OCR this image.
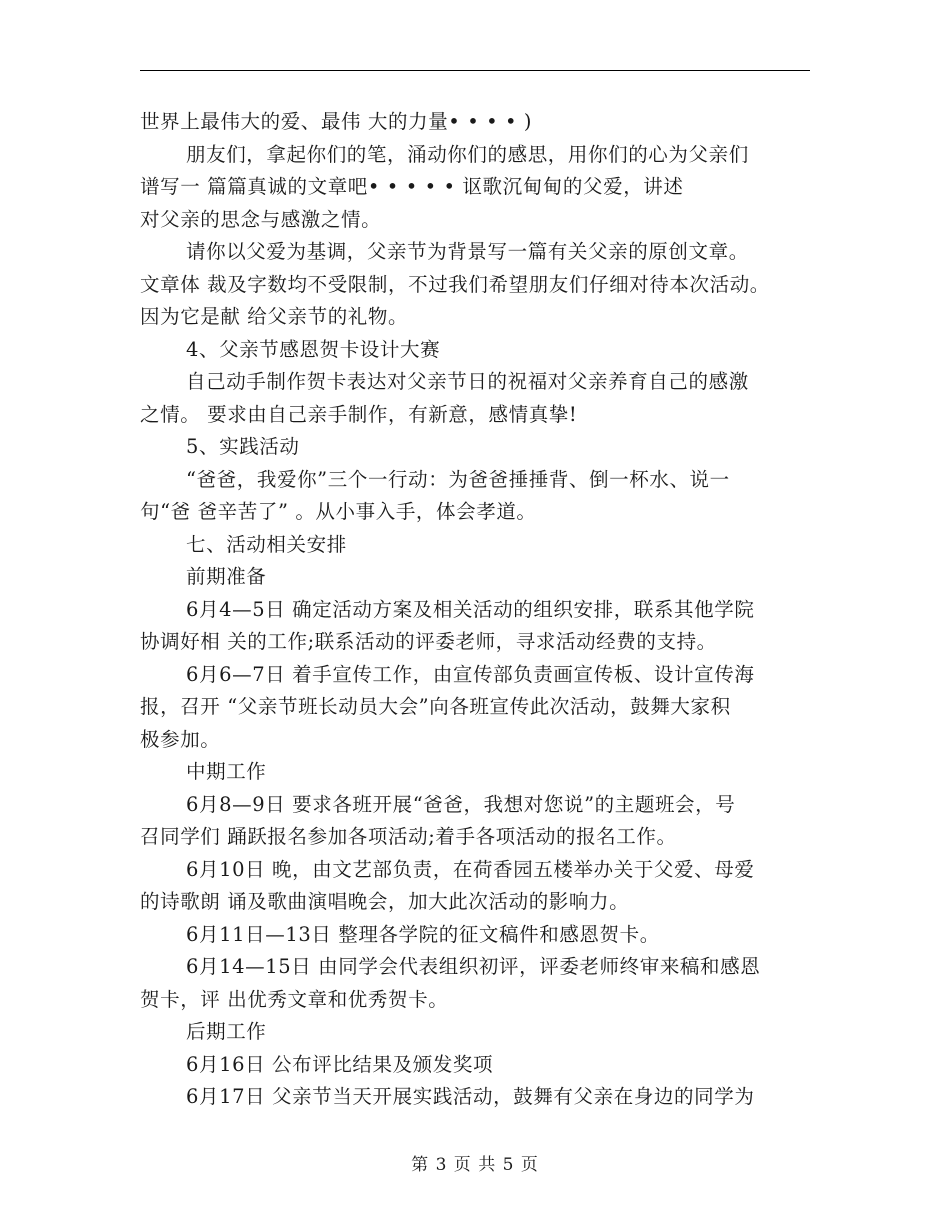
世界上最伟大的爱、最伟 大的力量• • • • )
朋友们，拿起你们的笔，涌动你们的感思，用你们的心为父亲们
谱写一 篇篇真诚的文章吧• • • • • 讴歌沉甸甸的父爱，讲述
对父亲的思念与感激之情。
请你以父爱为基调，父亲节为背景写一篇有关父亲的原创文章。
文章体 裁及字数均不受限制，不过我们希望朋友们仔细对待本次活动。
因为它是献 给父亲节的礼物。
4、父亲节感恩贺卡设计大赛
自己动手制作贺卡表达对父亲节日的祝福对父亲养育自己的感激
之情。 要求由自己亲手制作，有新意，感情真挚!
5、实践活动
“爸爸，我爱你”三个一行动：为爸爸捶捶背、倒一杯水、说一
句“爸 爸辛苦了” 。从小事入手，体会孝道。
七、活动相关安排
前期准备
6月4—5日 确定活动方案及相关活动的组织安排，联系其他学院
协调好相 关的工作;联系活动的评委老师，寻求活动经费的支持。
6月6—7日 着手宣传工作，由宣传部负责画宣传板、设计宣传海
报，召开 “父亲节班长动员大会”向各班宣传此次活动，鼓舞大家积
极参加。
中期工作
6月8—9日 要求各班开展“爸爸，我想对您说”的主题班会，号
召同学们 踊跃报名参加各项活动;着手各项活动的报名工作。
6月10日 晚，由文艺部负责，在荷香园五楼举办关于父爱、母爱
的诗歌朗 诵及歌曲演唱晚会，加大此次活动的影响力。
6月11日—13日 整理各学院的征文稿件和感恩贺卡。
6月14—15日 由同学会代表组织初评，评委老师终审来稿和感恩
贺卡，评 出优秀文章和优秀贺卡。
后期工作
6月16日 公布评比结果及颁发奖项
6月17日 父亲节当天开展实践活动，鼓舞有父亲在身边的同学为
第 3 页 共 5 页
